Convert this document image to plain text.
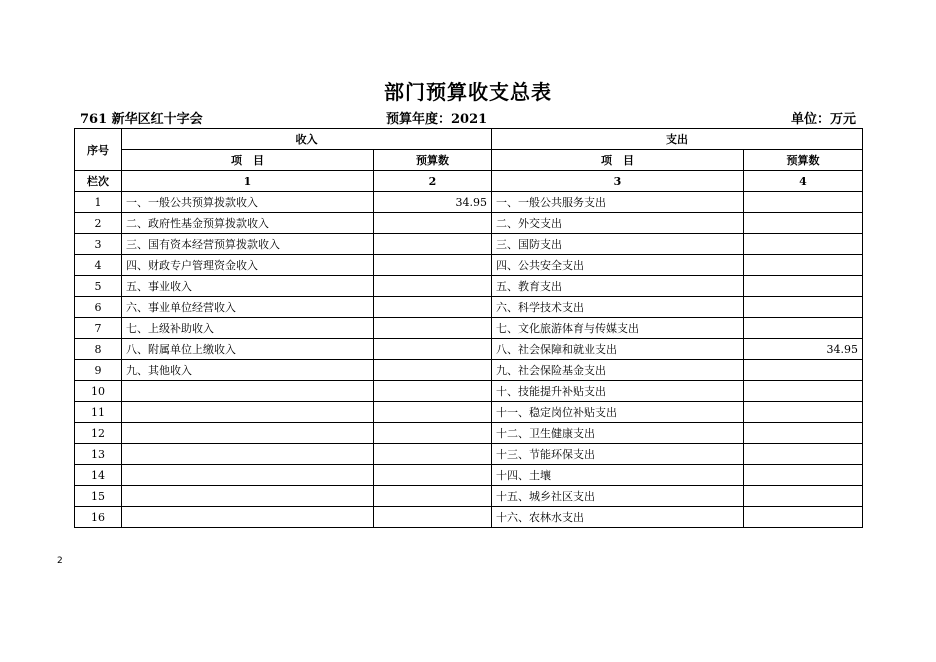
部门预算收支总表
761 新华区红十字会	预算年度：2021	单位：万元
序号	收入		支出	
	项　目	预算数	项　目	预算数
栏次	1	2	3	4
1	一、一般公共预算拨款收入	34.95	一、一般公共服务支出	
2	二、政府性基金预算拨款收入		二、外交支出	
3	三、国有资本经营预算拨款收入		三、国防支出	
4	四、财政专户管理资金收入		四、公共安全支出	
5	五、事业收入		五、教育支出	
6	六、事业单位经营收入		六、科学技术支出	
7	七、上级补助收入		七、文化旅游体育与传媒支出	
8	八、附属单位上缴收入		八、社会保障和就业支出	34.95
9	九、其他收入		九、社会保险基金支出	
10			十、技能提升补贴支出	
11			十一、稳定岗位补贴支出	
12			十二、卫生健康支出	
13			十三、节能环保支出	
14			十四、土壤	
15			十五、城乡社区支出	
16			十六、农林水支出	
2
